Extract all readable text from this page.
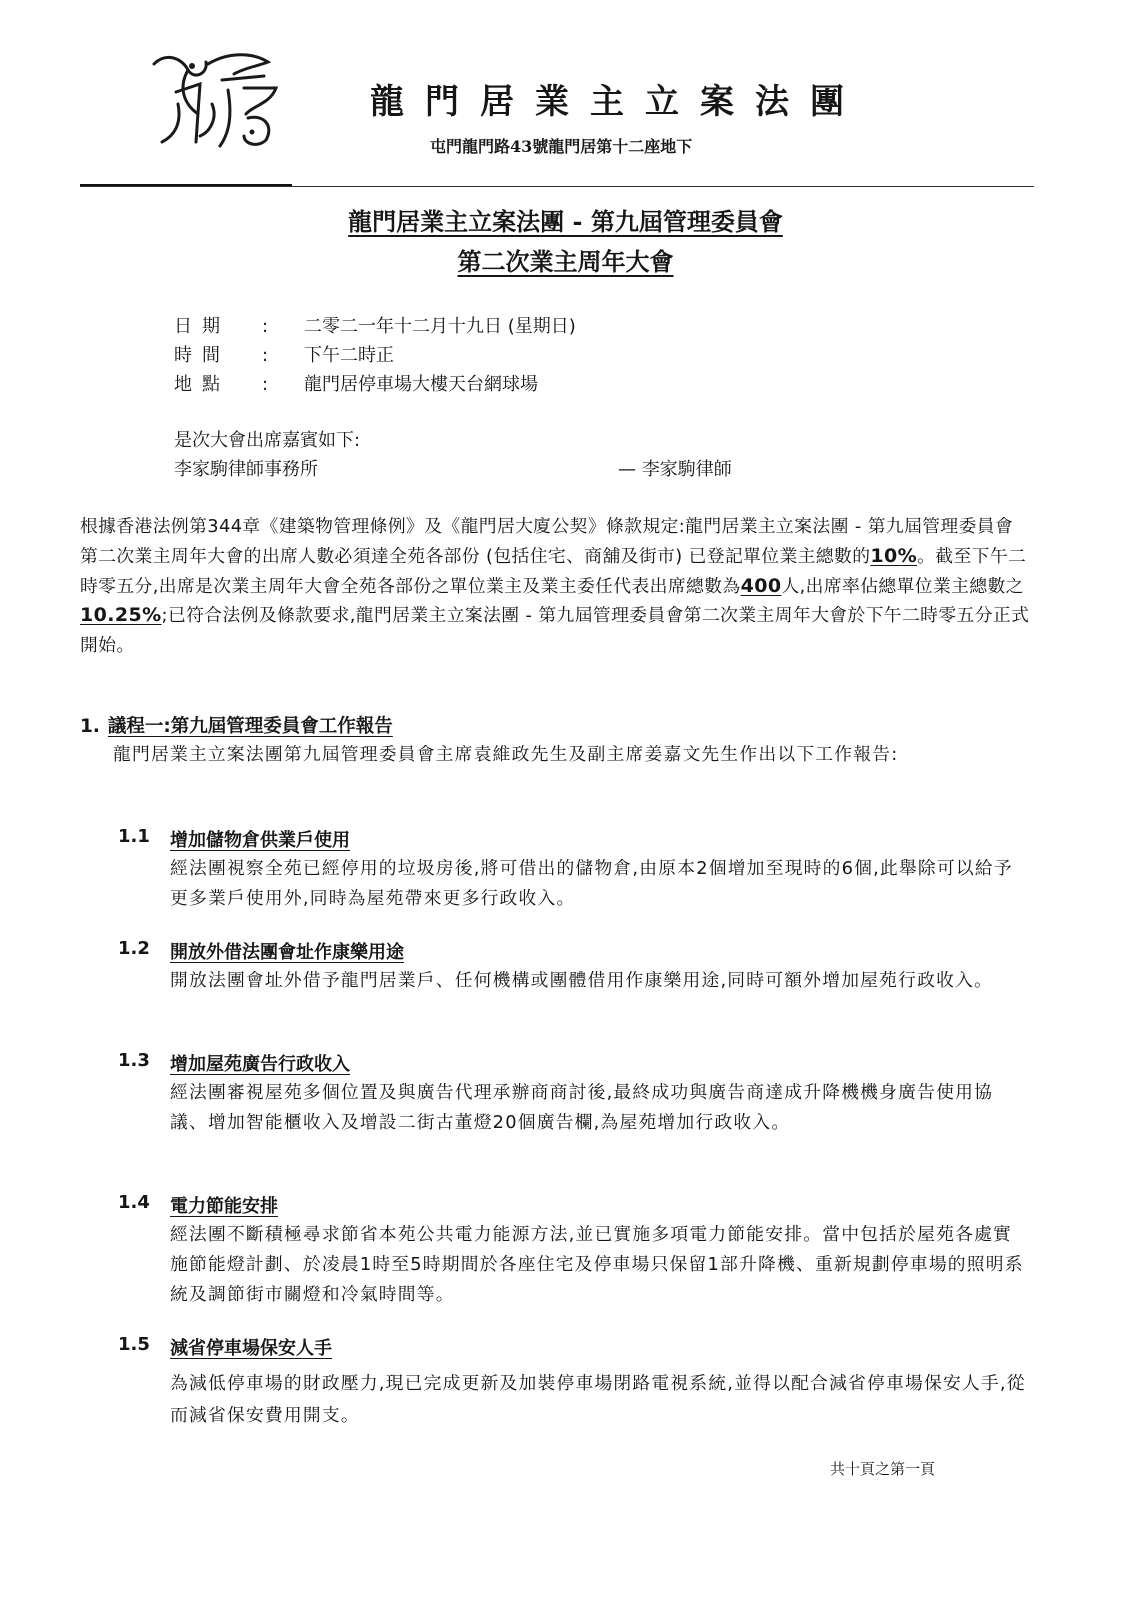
龍門居業主立案法團
屯門龍門路43號龍門居第十二座地下
龍門居業主立案法團 - 第九屆管理委員會
第二次業主周年大會
日期	: 二零二一年十二月十九日 (星期日)
時間	: 下午二時正
地點	: 龍門居停車場大樓天台網球場
是次大會出席嘉賓如下:
李家駒律師事務所	— 李家駒律師
根據香港法例第344章《建築物管理條例》及《龍門居大廈公契》條款規定:龍門居業主立案法團 - 第九屆管理委員會第二次業主周年大會的出席人數必須達全苑各部份 (包括住宅、商舖及街市) 已登記單位業主總數的10%。截至下午二時零五分,出席是次業主周年大會全苑各部份之單位業主及業主委任代表出席總數為400人,出席率佔總單位業主總數之10.25%;已符合法例及條款要求,龍門居業主立案法團 - 第九屆管理委員會第二次業主周年大會於下午二時零五分正式開始。
1. 議程一:第九屆管理委員會工作報告
龍門居業主立案法團第九屆管理委員會主席袁維政先生及副主席姜嘉文先生作出以下工作報告:
1.1 增加儲物倉供業戶使用
經法團視察全苑已經停用的垃圾房後,將可借出的儲物倉,由原本2個增加至現時的6個,此舉除可以給予更多業戶使用外,同時為屋苑帶來更多行政收入。
1.2 開放外借法團會址作康樂用途
開放法團會址外借予龍門居業戶、任何機構或團體借用作康樂用途,同時可額外增加屋苑行政收入。
1.3 增加屋苑廣告行政收入
經法團審視屋苑多個位置及與廣告代理承辦商商討後,最終成功與廣告商達成升降機機身廣告使用協議、增加智能櫃收入及增設二街古董燈20個廣告欄,為屋苑增加行政收入。
1.4 電力節能安排
經法團不斷積極尋求節省本苑公共電力能源方法,並已實施多項電力節能安排。當中包括於屋苑各處實施節能燈計劃、於凌晨1時至5時期間於各座住宅及停車場只保留1部升降機、重新規劃停車場的照明系統及調節街市關燈和冷氣時間等。
1.5 減省停車場保安人手
為減低停車場的財政壓力,現已完成更新及加裝停車場閉路電視系統,並得以配合減省停車場保安人手,從而減省保安費用開支。
共十頁之第一頁
